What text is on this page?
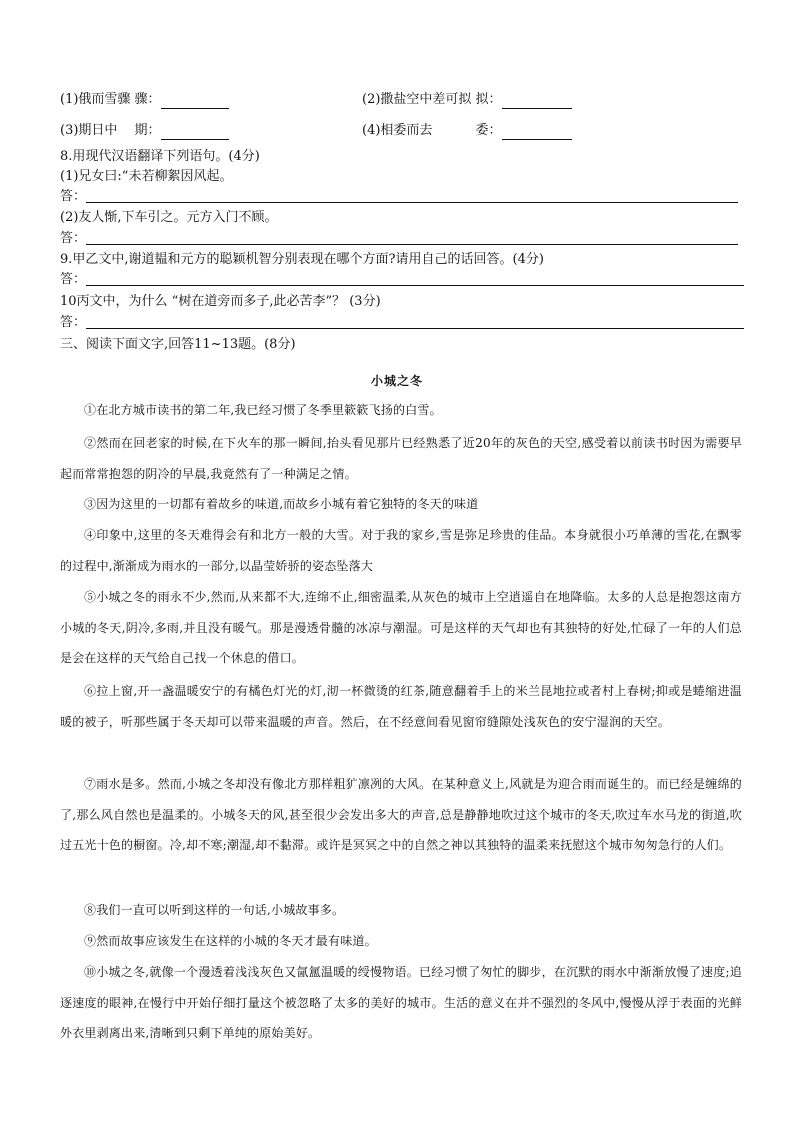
(1)俄而雪骤 骤：	(2)撒盐空中差可拟 拟：
(3)期日中　 期：	(4)相委而去　　　 委：
8.用现代汉语翻译下列语句。(4分)
(1)兄女曰:“未若柳絮因风起。
答：
(2)友人惭,下车引之。元方入门不顾。
答：
9.甲乙文中,谢道韫和元方的聪颖机智分别表现在哪个方面?请用自己的话回答。(4分)
答：
10丙文中，为什么 “树在道旁而多子,此必苦李”？ (3分)
答：
三、阅读下面文字,回答11~13题。(8分)
小城之冬
①在北方城市读书的第二年,我已经习惯了冬季里簌簌飞扬的白雪。
②然而在回老家的时候,在下火车的那一瞬间,抬头看见那片已经熟悉了近20年的灰色的天空,感受着以前读书时因为需要早起而常常抱怨的阴冷的早晨,我竟然有了一种满足之情。
③因为这里的一切都有着故乡的味道,而故乡小城有着它独特的冬天的味道
④印象中,这里的冬天难得会有和北方一般的大雪。对于我的家乡,雪是弥足珍贵的佳品。本身就很小巧单薄的雪花,在飘零的过程中,渐渐成为雨水的一部分,以晶莹娇骄的姿态坠落大
⑤小城之冬的雨永不少,然而,从来都不大,连绵不止,细密温柔,从灰色的城市上空逍遥自在地降临。太多的人总是抱怨这南方小城的冬天,阴冷,多雨,并且没有暖气。那是漫透骨髓的冰凉与潮湿。可是这样的天气却也有其独特的好处,忙碌了一年的人们总是会在这样的天气给自己找一个休息的借口。
⑥拉上窗,开一盏温暖安宁的有橘色灯光的灯,沏一杯微烫的红茶,随意翻着手上的米兰昆地拉或者村上春树;抑或是蜷缩进温暖的被子，听那些属于冬天却可以带来温暖的声音。然后，在不经意间看见窗帘缝隙处浅灰色的安宁湿润的天空。
⑦雨水是多。然而,小城之冬却没有像北方那样粗犷凛冽的大风。在某种意义上,风就是为迎合雨而诞生的。而已经是缠绵的了,那么风自然也是温柔的。小城冬天的风,甚至很少会发出多大的声音,总是静静地吹过这个城市的冬天,吹过车水马龙的街道,吹过五光十色的橱窗。冷,却不寒;潮湿,却不黏滞。或许是冥冥之中的自然之神以其独特的温柔来抚慰这个城市匆匆急行的人们。
⑧我们一直可以听到这样的一句话,小城故事多。
⑨然而故事应该发生在这样的小城的冬天才最有味道。
⑩小城之冬,就像一个漫透着浅浅灰色又氤氲温暖的绶慢物语。已经习惯了匆忙的脚步，在沉默的雨水中渐渐放慢了速度;追逐速度的眼神,在慢行中开始仔细打量这个被忽略了太多的美好的城市。生活的意义在并不强烈的冬风中,慢慢从浮于表面的光鲜外衣里剥离出来,清晰到只剩下单纯的原始美好。
